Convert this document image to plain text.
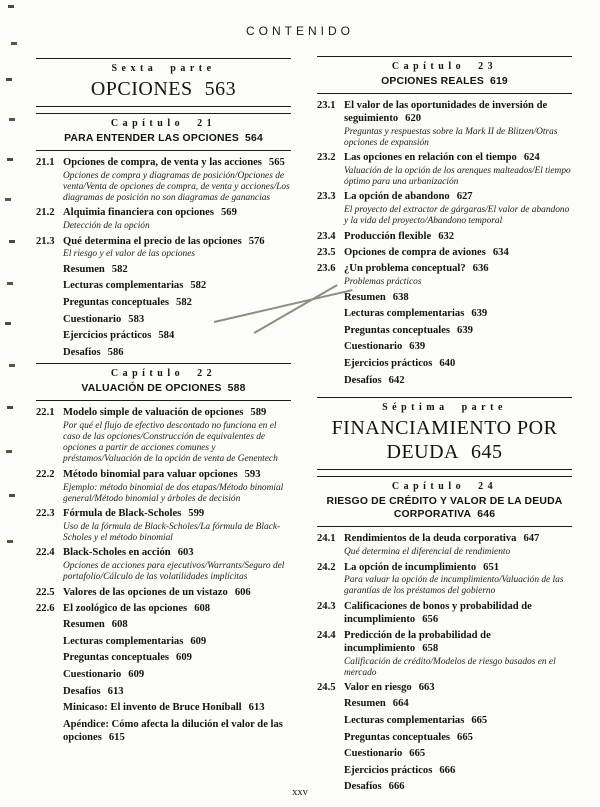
CONTENIDO
Sexta parte
OPCIONES 563
Capítulo 21
PARA ENTENDER LAS OPCIONES 564
21.1 Opciones de compra, de venta y las acciones 565
Opciones de compra y diagramas de posición/Opciones de venta/Venta de opciones de compra, de venta y acciones/Los diagramas de posición no son diagramas de ganancias
21.2 Alquimia financiera con opciones 569
Detección de la opción
21.3 Qué determina el precio de las opciones 576
El riesgo y el valor de las opciones
Resumen 582
Lecturas complementarias 582
Preguntas conceptuales 582
Cuestionario 583
Ejercicios prácticos 584
Desafíos 586
Capítulo 22
VALUACIÓN DE OPCIONES 588
22.1 Modelo simple de valuación de opciones 589
Por qué el flujo de efectivo descontado no funciona en el caso de las opciones/Construcción de equivalentes de opciones a partir de acciones comunes y préstamos/Valuación de la opción de venta de Genentech
22.2 Método binomial para valuar opciones 593
Ejemplo: método binomial de dos etapas/Método binomial general/Método binomial y árboles de decisión
22.3 Fórmula de Black-Scholes 599
Uso de la fórmula de Black-Scholes/La fórmula de Black-Scholes y el método binomial
22.4 Black-Scholes en acción 603
Opciones de acciones para ejecutivos/Warrants/Seguro del portafolio/Cálculo de las volatilidades implícitas
22.5 Valores de las opciones de un vistazo 606
22.6 El zoológico de las opciones 608
Resumen 608
Lecturas complementarias 609
Preguntas conceptuales 609
Cuestionario 609
Desafíos 613
Minicaso: El invento de Bruce Honiball 613
Apéndice: Cómo afecta la dilución el valor de las opciones 615
Capítulo 23
OPCIONES REALES 619
23.1 El valor de las oportunidades de inversión de seguimiento 620
Preguntas y respuestas sobre la Mark II de Blitzen/Otras opciones de expansión
23.2 Las opciones en relación con el tiempo 624
Valuación de la opción de los arenques malteados/El tiempo óptimo para una urbanización
23.3 La opción de abandono 627
El proyecto del extractor de gárgaras/El valor de abandono y la vida del proyecto/Abandono temporal
23.4 Producción flexible 632
23.5 Opciones de compra de aviones 634
23.6 ¿Un problema conceptual? 636
Problemas prácticos
Resumen 638
Lecturas complementarias 639
Preguntas conceptuales 639
Cuestionario 639
Ejercicios prácticos 640
Desafíos 642
Séptima parte
FINANCIAMIENTO POR DEUDA 645
Capítulo 24
RIESGO DE CRÉDITO Y VALOR DE LA DEUDA CORPORATIVA 646
24.1 Rendimientos de la deuda corporativa 647
Qué determina el diferencial de rendimiento
24.2 La opción de incumplimiento 651
Para valuar la opción de incumplimiento/Valuación de las garantías de los préstamos del gobierno
24.3 Calificaciones de bonos y probabilidad de incumplimiento 656
24.4 Predicción de la probabilidad de incumplimiento 658
Calificación de crédito/Modelos de riesgo basados en el mercado
24.5 Valor en riesgo 663
Resumen 664
Lecturas complementarias 665
Preguntas conceptuales 665
Cuestionario 665
Ejercicios prácticos 666
Desafíos 666
xxv
